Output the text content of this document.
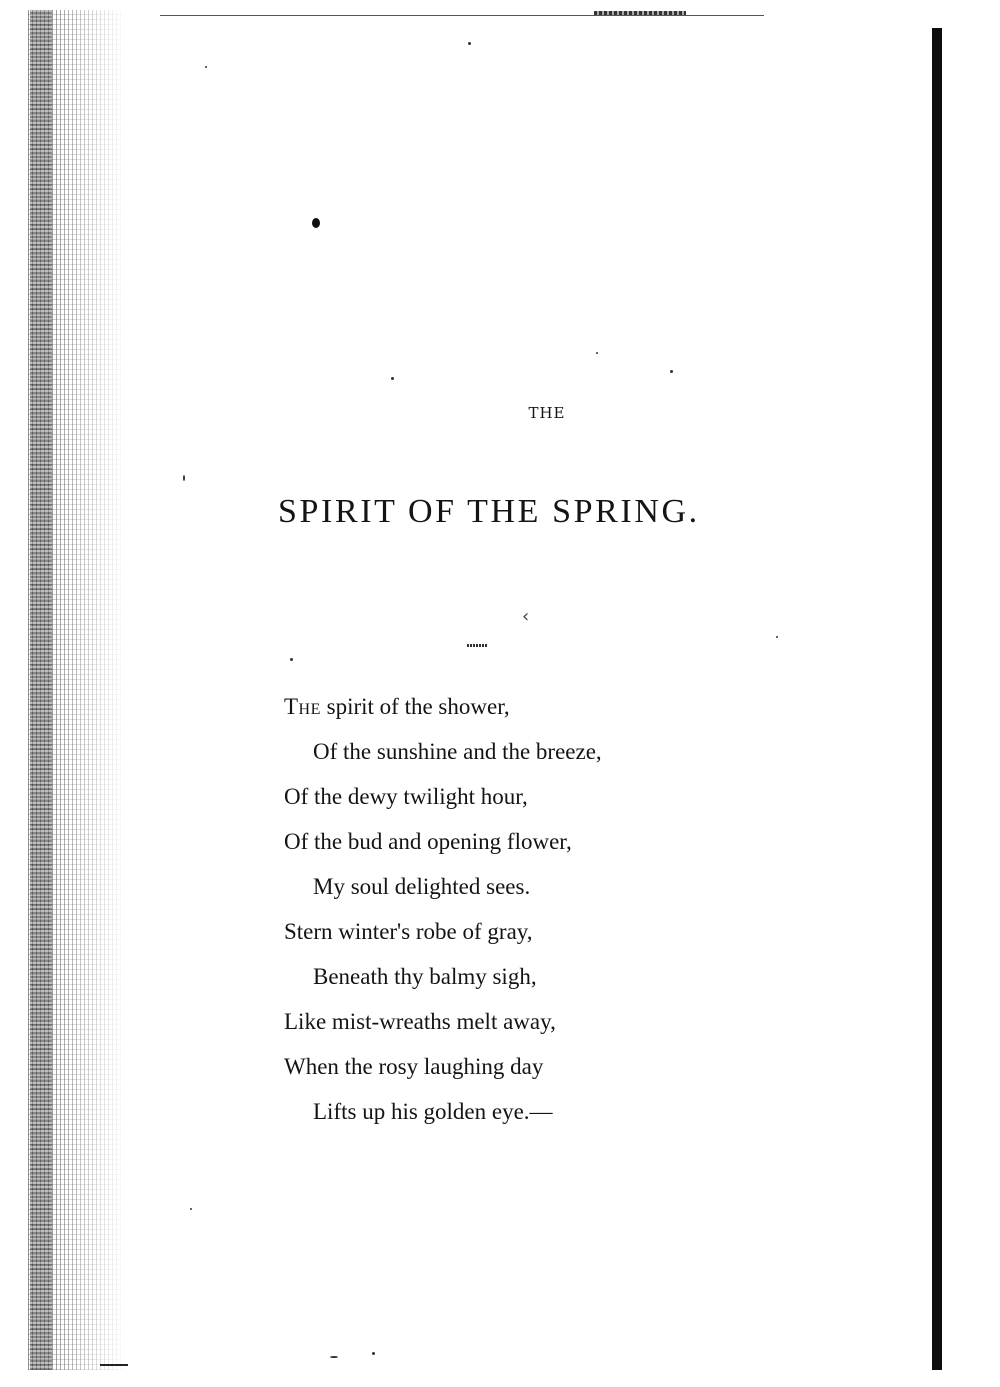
THE
SPIRIT OF THE SPRING.
‹
The spirit of the shower,
Of the sunshine and the breeze,
Of the dewy twilight hour,
Of the bud and opening flower,
My soul delighted sees.
Stern winter's robe of gray,
Beneath thy balmy sigh,
Like mist-wreaths melt away,
When the rosy laughing day
Lifts up his golden eye.—
